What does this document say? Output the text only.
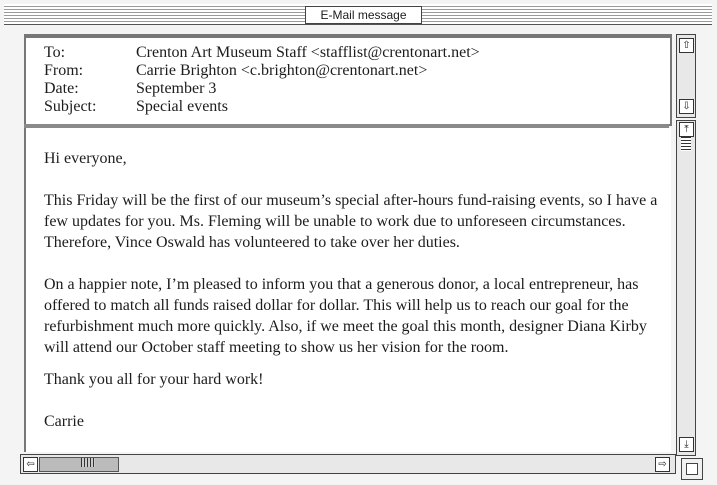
E-Mail message
To:	Crenton Art Museum Staff <stafflist@crentonart.net>
From:	Carrie Brighton <c.brighton@crentonart.net>
Date:	September 3
Subject: Special events
⇧
⇩

Hi everyone,

This Friday will be the first of our museum’s special after-hours fund-raising events, so I have a few updates for you. Ms. Fleming will be unable to work due to unforeseen circumstances. Therefore, Vince Oswald has volunteered to take over her duties.

On a happier note, I’m pleased to inform you that a generous donor, a local entrepreneur, has offered to match all funds raised dollar for dollar. This will help us to reach our goal for the refurbishment much more quickly. Also, if we meet the goal this month, designer Diana Kirby will attend our October staff meeting to show us her vision for the room.

Thank you all for your hard work!

Carrie

⤒
⤓
⇦	⇨
